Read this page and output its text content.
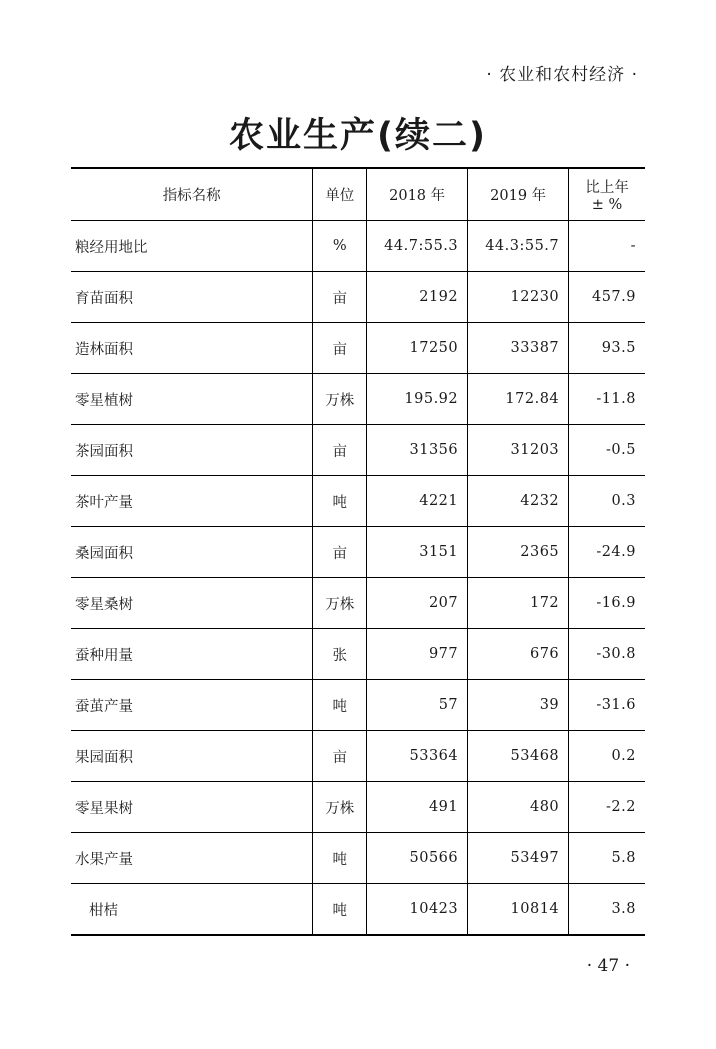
· 农业和农村经济 ·
农业生产(续二)
指标名称	单位	2018 年	2019 年	比上年 ± %
粮经用地比	%	44.7:55.3	44.3:55.7	-
育苗面积	亩	2192	12230	457.9
造林面积	亩	17250	33387	93.5
零星植树	万株	195.92	172.84	-11.8
茶园面积	亩	31356	31203	-0.5
茶叶产量	吨	4221	4232	0.3
桑园面积	亩	3151	2365	-24.9
零星桑树	万株	207	172	-16.9
蚕种用量	张	977	676	-30.8
蚕茧产量	吨	57	39	-31.6
果园面积	亩	53364	53468	0.2
零星果树	万株	491	480	-2.2
水果产量	吨	50566	53497	5.8
柑桔	吨	10423	10814	3.8
· 47 ·
